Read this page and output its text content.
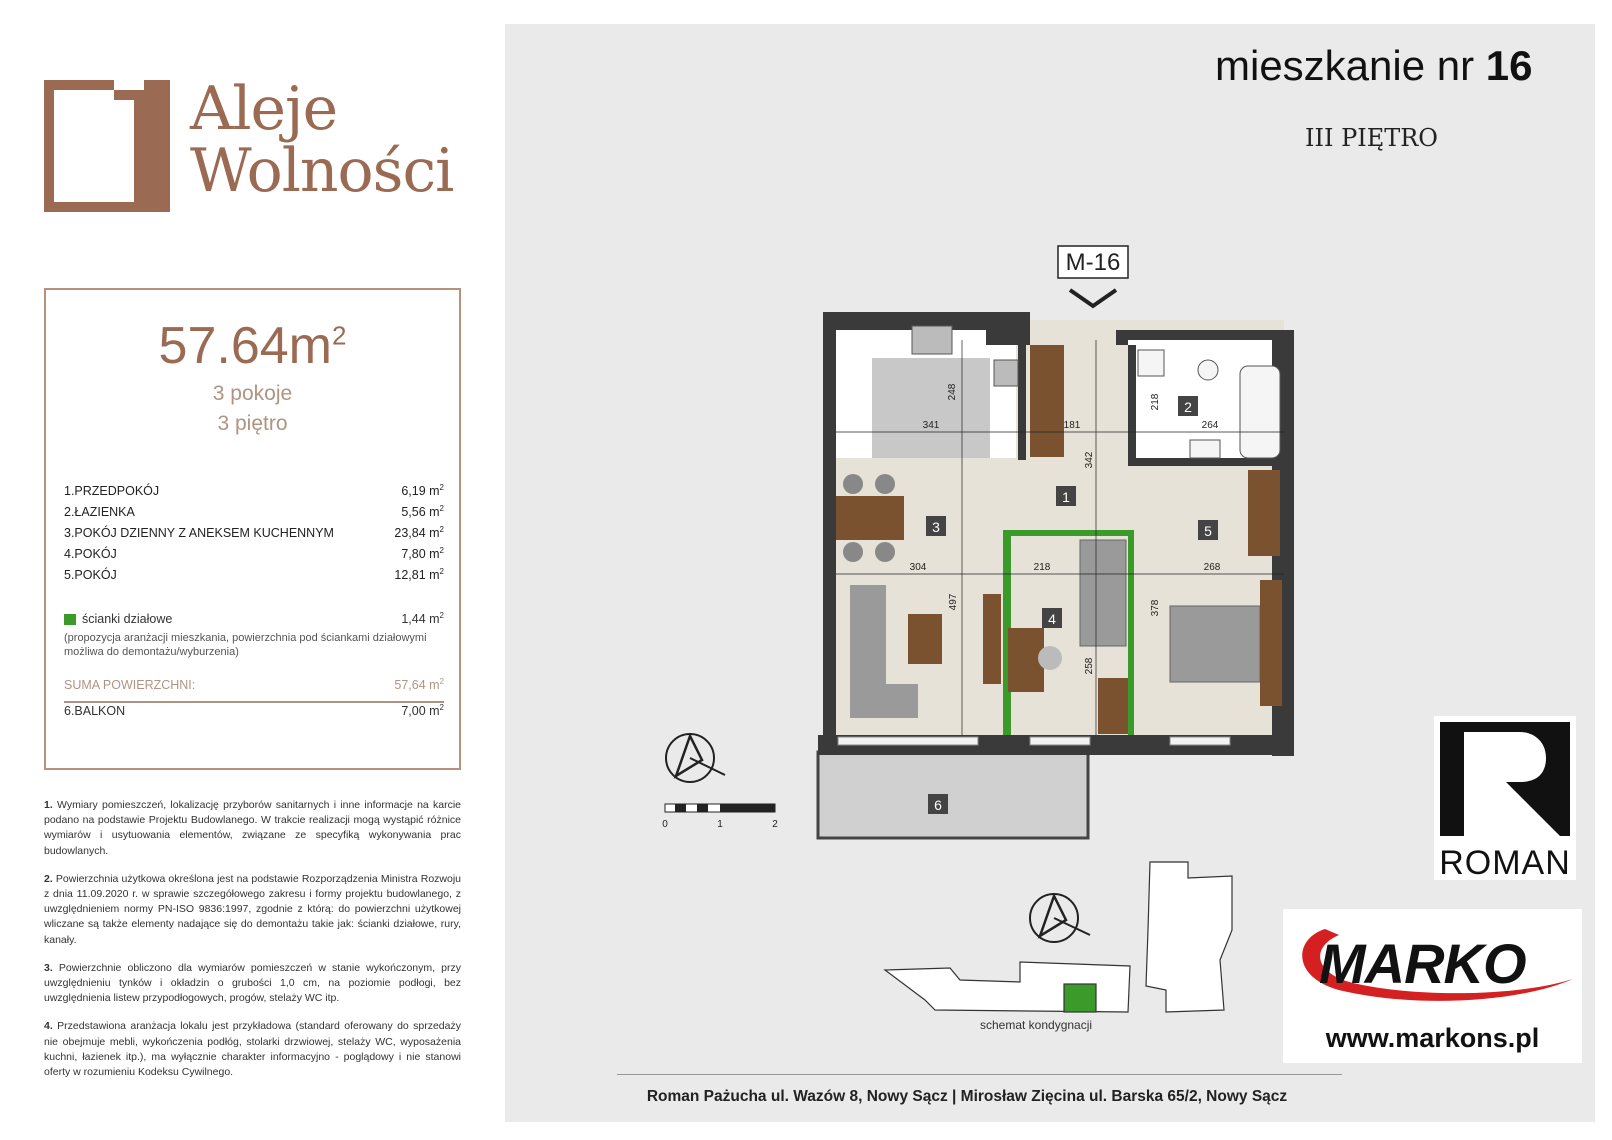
Aleje
Wolności
$57.64m^2$
3 pokoje
3 piętro
1.PRZEDPOKÓJ	6,19 $m^2$
2.ŁAZIENKA	5,56 $m^2$
3.POKÓJ DZIENNY Z ANEKSEM KUCHENNYM	23,84 $m^2$
4.POKÓJ	7,80 $m^2$
5.POKÓJ	12,81 $m^2$
ścianki działowe	1,44 $m^2$
(propozycja aranżacji mieszkania, powierzchnia pod ściankami działowymi możliwa do demontażu/wyburzenia)
SUMA POWIERZCHNI:	57,64 $m^2$
6.BALKON	7,00 $m^2$

1. Wymiary pomieszczeń, lokalizację przyborów sanitarnych i inne informacje na karcie podano na podstawie Projektu Budowlanego. W trakcie realizacji mogą wystąpić różnice wymiarów i usytuowania elementów, związane ze specyfiką wykonywania prac budowlanych.

2. Powierzchnia użytkowa określona jest na podstawie Rozporządzenia Ministra Rozwoju z dnia 11.09.2020 r. w sprawie szczegółowego zakresu i formy projektu budowlanego, z uwzględnieniem normy PN-ISO 9836:1997, zgodnie z którą: do powierzchni użytkowej wliczane są także elementy nadające się do demontażu takie jak: ścianki działowe, rury, kanały.

3. Powierzchnie obliczono dla wymiarów pomieszczeń w stanie wykończonym, przy uwzględnieniu tynków i okładzin o grubości 1,0 cm, na poziomie podłogi, bez uwzględnienia listew przypodłogowych, progów, stelaży WC itp.

4. Przedstawiona aranżacja lokalu jest przykładowa (standard oferowany do sprzedaży nie obejmuje mebli, wykończenia podłóg, stolarki drzwiowej, stelaży WC, wyposażenia kuchni, łazienek itp.), ma wyłącznie charakter informacyjno - poglądowy i nie stanowi oferty w rozumieniu Kodeksu Cywilnego.

mieszkanie nr 16
III PIĘTRO
M-16
341
248
181
342
218
264
304	218	268
497
258
378
1
2
3
4
5
6
0	1	2
schemat kondygnacji
ROMAN
MARKO
www.markons.pl
Roman Pażucha ul. Wazów 8, Nowy Sącz | Mirosław Zięcina ul. Barska 65/2, Nowy Sącz
